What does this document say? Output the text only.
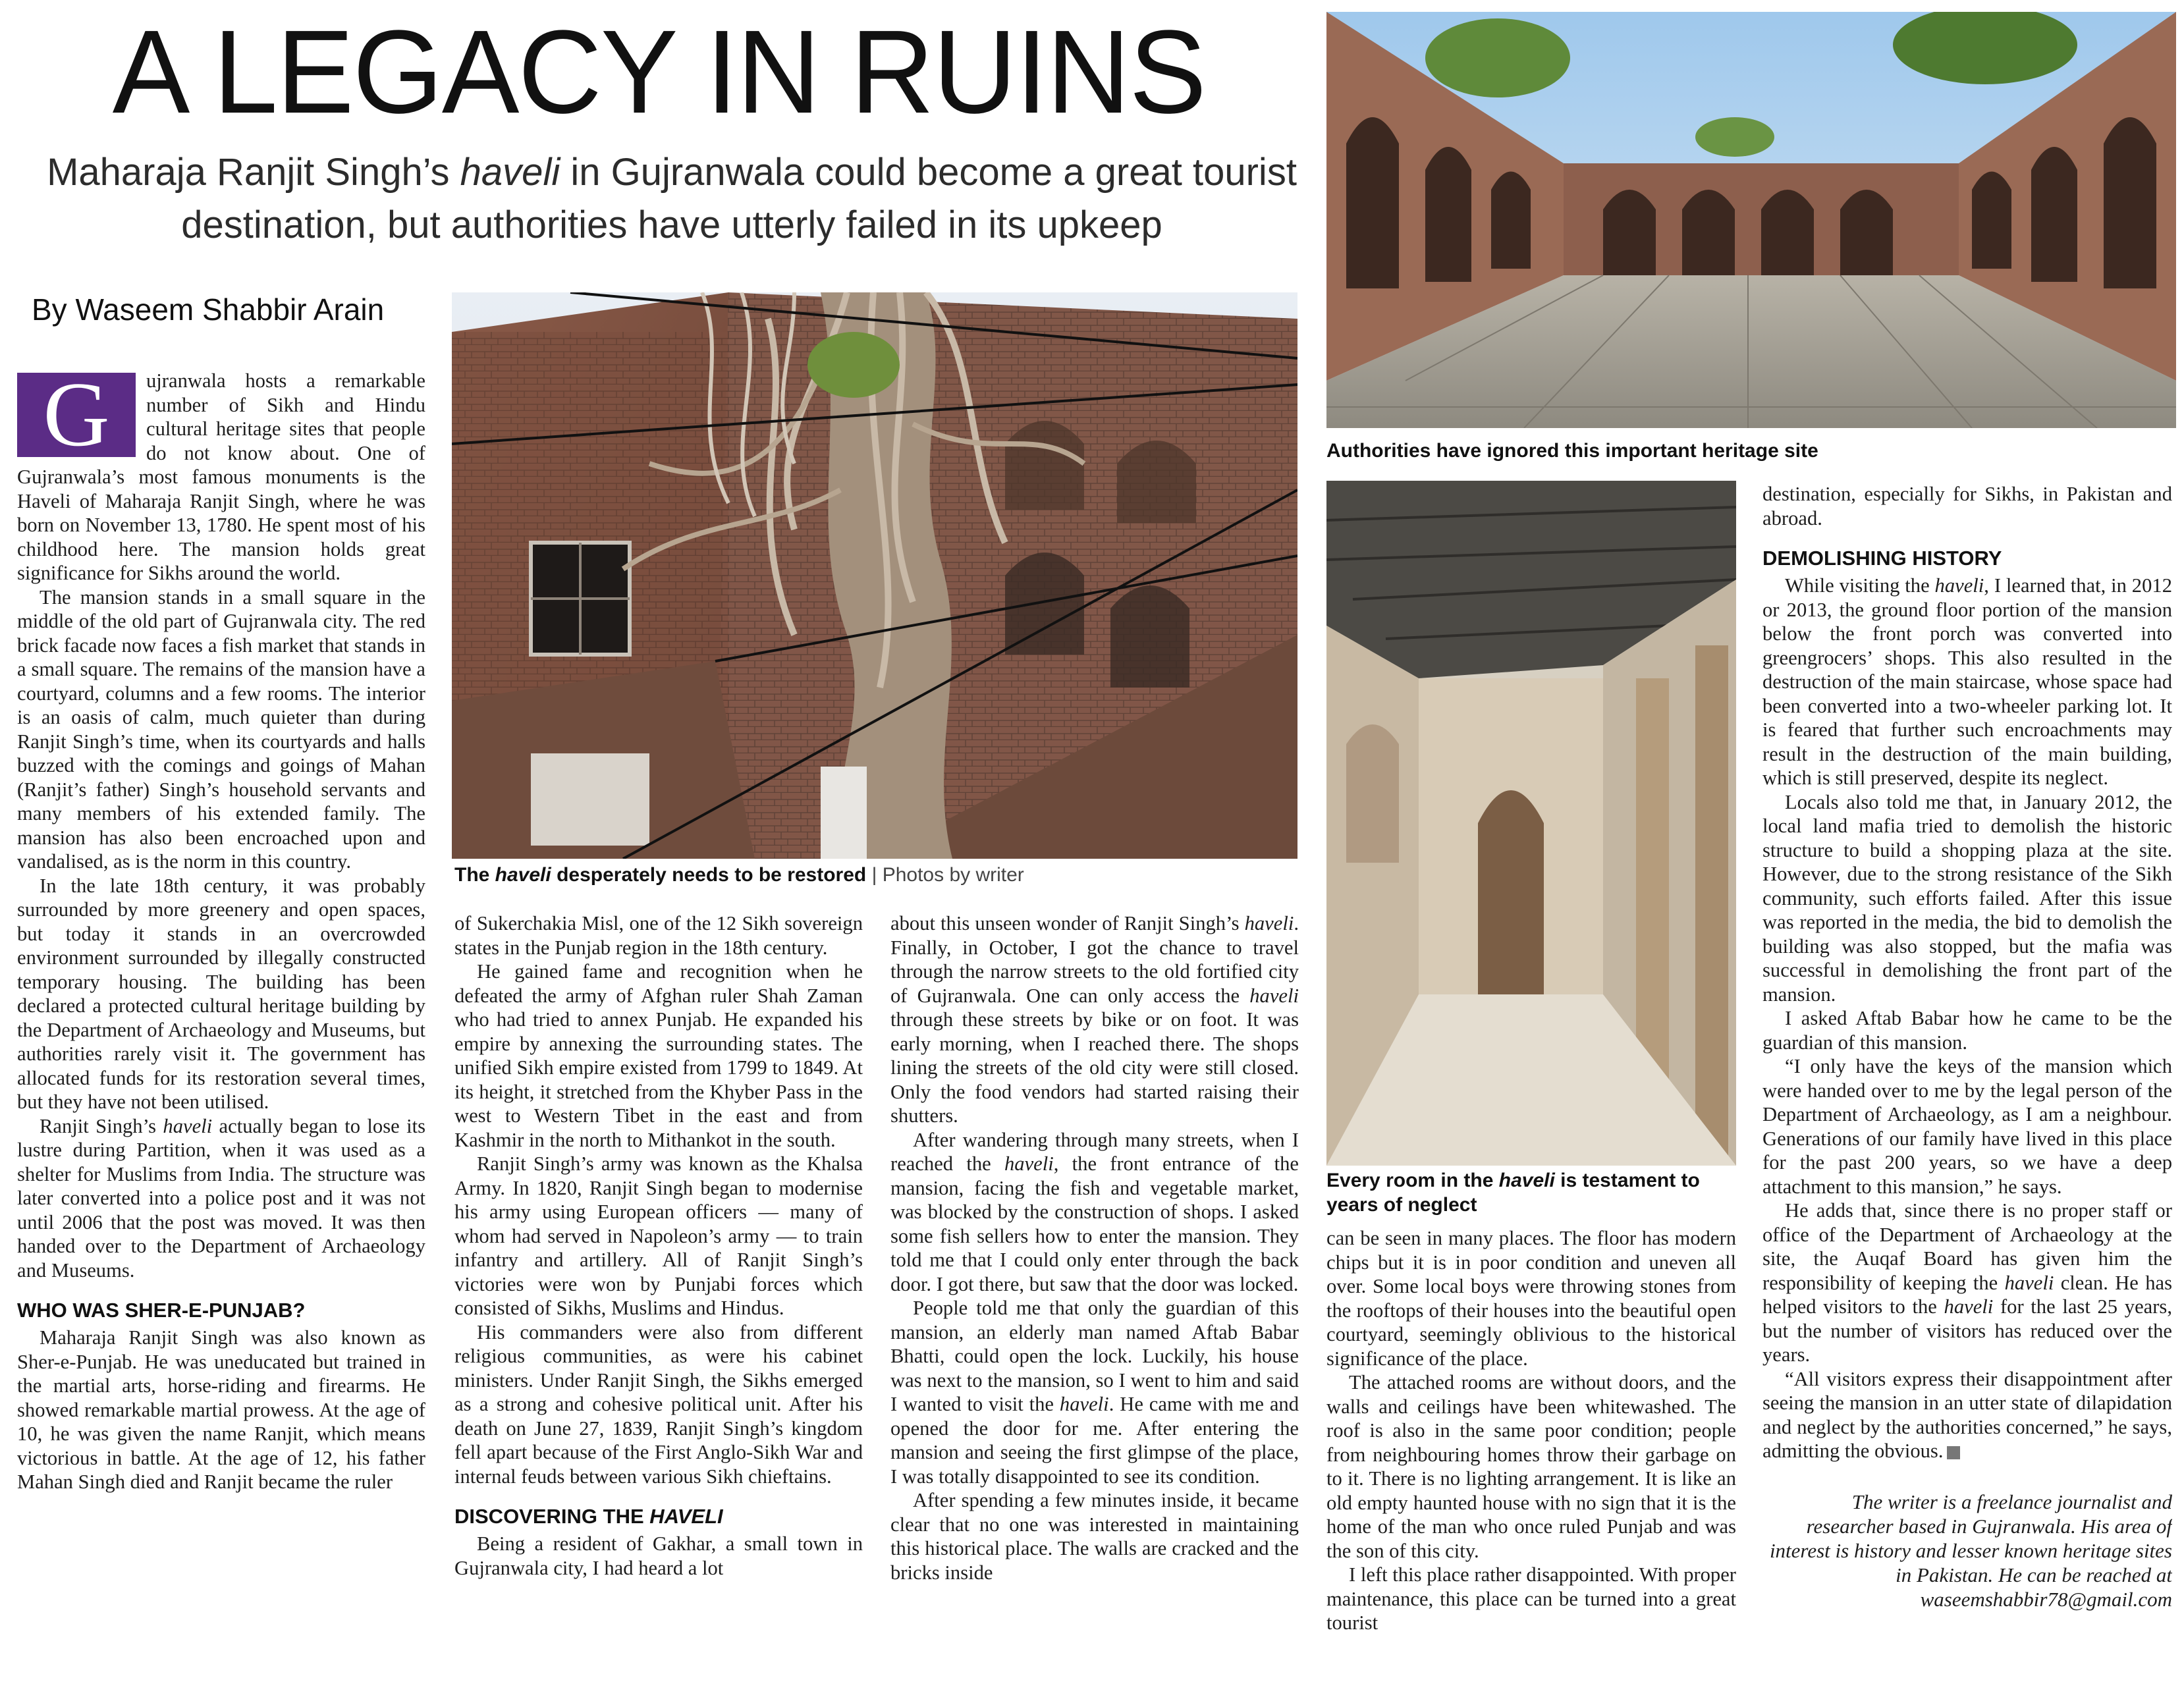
A LEGACY IN RUINS
Maharaja Ranjit Singh’s haveli in Gujranwala could become a great tourist destination, but authorities have utterly failed in its upkeep
By Waseem Shabbir Arain
G	ujranwala hosts a remarkable number of Sikh and Hindu cultural heritage sites that people do not know about. One of Gujranwala’s most famous monuments is the Haveli of Maharaja Ranjit Singh, where he was born on November 13, 1780. He spent most of his childhood here. The mansion holds great significance for Sikhs around the world.

The mansion stands in a small square in the middle of the old part of Gujranwala city. The red brick facade now faces a fish market that stands in a small square. The remains of the mansion have a courtyard, columns and a few rooms. The interior is an oasis of calm, much quieter than during Ranjit Singh’s time, when its courtyards and halls buzzed with the comings and goings of Mahan (Ranjit’s father) Singh’s household servants and many members of his extended family. The mansion has also been encroached upon and vandalised, as is the norm in this country.

In the late 18th century, it was probably surrounded by more greenery and open spaces, but today it stands in an overcrowded environment surrounded by illegally constructed temporary housing. The building has been declared a protected cultural heritage building by the Department of Archaeology and Museums, but authorities rarely visit it. The government has allocated funds for its restoration several times, but they have not been utilised.

Ranjit Singh’s haveli actually began to lose its lustre during Partition, when it was used as a shelter for Muslims from India. The structure was later converted into a police post and it was not until 2006 that the post was moved. It was then handed over to the Department of Archaeology and Museums.

WHO WAS SHER-E-PUNJAB?

Maharaja Ranjit Singh was also known as Sher-e-Punjab. He was uneducated but trained in the martial arts, horse-riding and firearms. He showed remarkable martial prowess. At the age of 10, he was given the name Ranjit, which means victorious in battle. At the age of 12, his father Mahan Singh died and Ranjit became the ruler

The haveli desperately needs to be restored | Photos by writer

of Sukerchakia Misl, one of the 12 Sikh sovereign states in the Punjab region in the 18th century.

He gained fame and recognition when he defeated the army of Afghan ruler Shah Zaman who had tried to annex Punjab. He expanded his empire by annexing the surrounding states. The unified Sikh empire existed from 1799 to 1849. At its height, it stretched from the Khyber Pass in the west to Western Tibet in the east and from Kashmir in the north to Mithankot in the south.

Ranjit Singh’s army was known as the Khalsa Army. In 1820, Ranjit Singh began to modernise his army using European officers — many of whom had served in Napoleon’s army — to train infantry and artillery. All of Ranjit Singh’s victories were won by Punjabi forces which consisted of Sikhs, Muslims and Hindus.

His commanders were also from different religious communities, as were his cabinet ministers. Under Ranjit Singh, the Sikhs emerged as a strong and cohesive political unit. After his death on June 27, 1839, Ranjit Singh’s kingdom fell apart because of the First Anglo-Sikh War and internal feuds between various Sikh chieftains.

DISCOVERING THE HAVELI

Being a resident of Gakhar, a small town in Gujranwala city, I had heard a lot

about this unseen wonder of Ranjit Singh’s haveli. Finally, in October, I got the chance to travel through the narrow streets to the old fortified city of Gujranwala. One can only access the haveli through these streets by bike or on foot. It was early morning, when I reached there. The shops lining the streets of the old city were still closed. Only the food vendors had started raising their shutters.

After wandering through many streets, when I reached the haveli, the front entrance of the mansion, facing the fish and vegetable market, was blocked by the construction of shops. I asked some fish sellers how to enter the mansion. They told me that I could only enter through the back door. I got there, but saw that the door was locked.

People told me that only the guardian of this mansion, an elderly man named Aftab Babar Bhatti, could open the lock. Luckily, his house was next to the mansion, so I went to him and said I wanted to visit the haveli. He came with me and opened the door for me. After entering the mansion and seeing the first glimpse of the place, I was totally disappointed to see its condition.

After spending a few minutes inside, it became clear that no one was interested in maintaining this historical place. The walls are cracked and the bricks inside

Authorities have ignored this important heritage site
Every room in the haveli is testament to years of neglect

can be seen in many places. The floor has modern chips but it is in poor condition and uneven all over. Some local boys were throwing stones from the rooftops of their houses into the beautiful open courtyard, seemingly oblivious to the historical significance of the place.

The attached rooms are without doors, and the walls and ceilings have been whitewashed. The roof is also in the same poor condition; people from neighbouring homes throw their garbage on to it. There is no lighting arrangement. It is like an old empty haunted house with no sign that it is the home of the man who once ruled Punjab and was the son of this city.

I left this place rather disappointed. With proper maintenance, this place can be turned into a great tourist

destination, especially for Sikhs, in Pakistan and abroad.

DEMOLISHING HISTORY

While visiting the haveli, I learned that, in 2012 or 2013, the ground floor portion of the mansion below the front porch was converted into greengrocers’ shops. This also resulted in the destruction of the main staircase, whose space had been converted into a two-wheeler parking lot. It is feared that further such encroachments may result in the destruction of the main building, which is still preserved, despite its neglect.

Locals also told me that, in January 2012, the local land mafia tried to demolish the historic structure to build a shopping plaza at the site. However, due to the strong resistance of the Sikh community, such efforts failed. After this issue was reported in the media, the bid to demolish the building was also stopped, but the mafia was successful in demolishing the front part of the mansion.

I asked Aftab Babar how he came to be the guardian of this mansion.

“I only have the keys of the mansion which were handed over to me by the legal person of the Department of Archaeology, as I am a neighbour. Generations of our family have lived in this place for the past 200 years, so we have a deep attachment to this mansion,” he says.

He adds that, since there is no proper staff or office of the Department of Archaeology at the site, the Auqaf Board has given him the responsibility of keeping the haveli clean. He has helped visitors to the haveli for the last 25 years, but the number of visitors has reduced over the years.

“All visitors express their disappointment after seeing the mansion in an utter state of dilapidation and neglect by the authorities concerned,” he says, admitting the obvious.

The writer is a freelance journalist and researcher based in Gujranwala. His area of interest is history and lesser known heritage sites in Pakistan. He can be reached at waseemshabbir78@gmail.com
